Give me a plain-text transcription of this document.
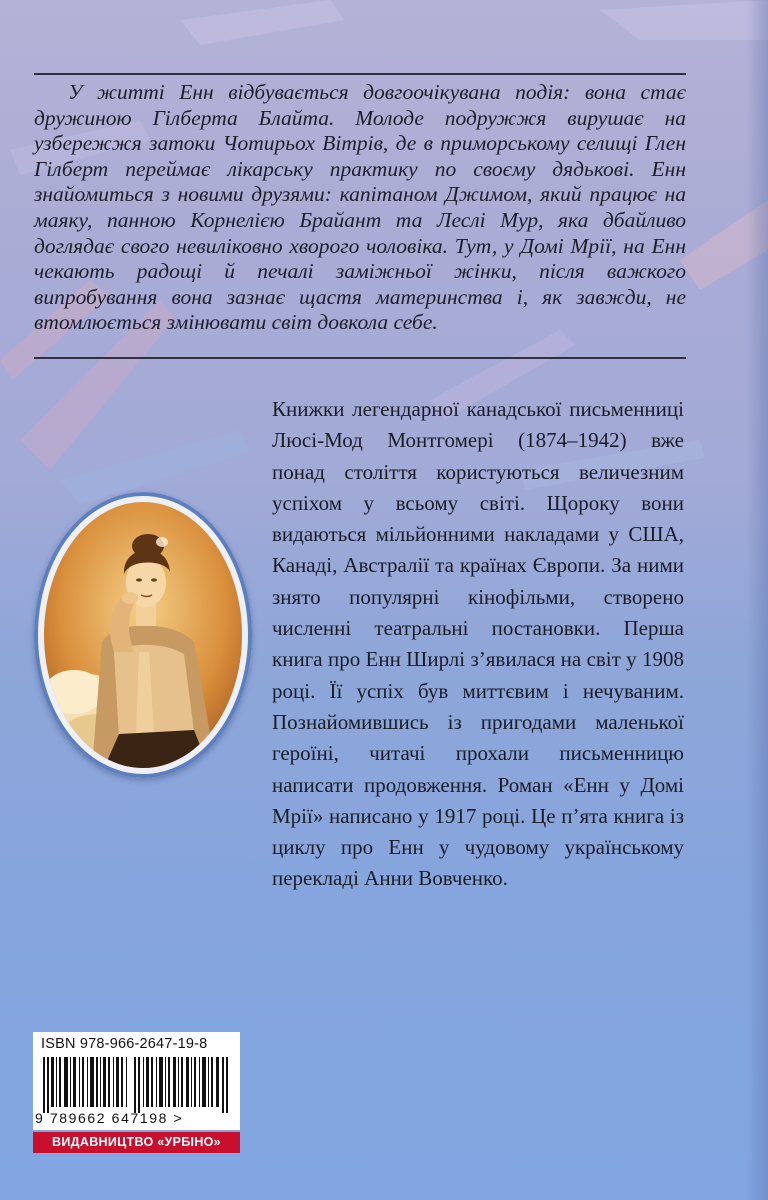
У житті Енн відбувається довгоочікувана подія: вона стає дружиною Гілберта Блайта. Молоде подружжя вирушає на узбережжя затоки Чотирьох Вітрів, де в приморському селищі Глен Гілберт переймає лікарську практику по своєму дядькові. Енн знайомиться з новими друзями: капітаном Джимом, який працює на маяку, панною Корнелією Брайант та Леслі Мур, яка дбайливо доглядає свого невиліковно хворого чоловіка. Тут, у Домі Мрії, на Енн чекають радощі й печалі заміжньої жінки, після важкого випробування вона зазнає щастя материнства і, як завжди, не втомлюється змінювати світ довкола себе.

Книжки легендарної канадської письменниці Люсі-Мод Монтгомері (1874–1942) вже понад століття користуються величезним успіхом у всьому світі. Щороку вони видаються мільйонними накладами у США, Канаді, Австралії та країнах Європи. За ними знято популярні кінофільми, створено численні театральні постановки. Перша книга про Енн Ширлі з’явилася на світ у 1908 році. Її успіх був миттєвим і нечуваним. Познайомившись із пригодами маленької героїні, читачі прохали письменницю написати продовження. Роман «Енн у Домі Мрії» написано у 1917 році. Це п’ята книга із циклу про Енн у чудовому українському перекладі Анни Вовченко.

ISBN 978-966-2647-19-8

9 789662 647198 >

ВИДАВНИЦТВО «УРБІНО»
